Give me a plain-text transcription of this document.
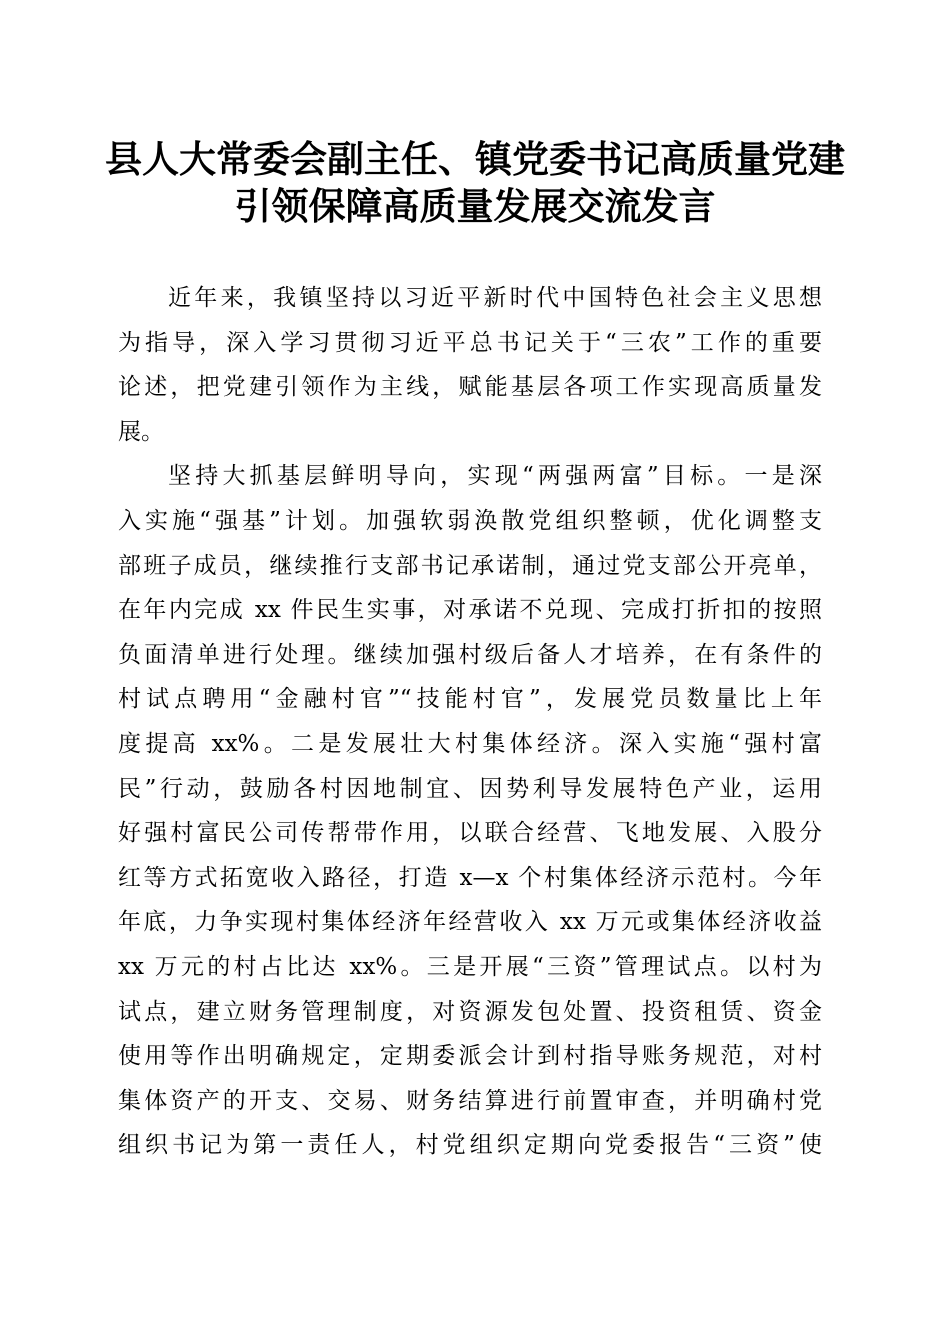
县人大常委会副主任、镇党委书记高质量党建
引领保障高质量发展交流发言
近年来，我镇坚持以习近平新时代中国特色社会主义思想
为指导，深入学习贯彻习近平总书记关于“三农”工作的重要
论述，把党建引领作为主线，赋能基层各项工作实现高质量发
展。
坚持大抓基层鲜明导向，实现“两强两富”目标。一是深
入实施“强基”计划。加强软弱涣散党组织整顿，优化调整支
部班子成员，继续推行支部书记承诺制，通过党支部公开亮单，
在年内完成 xx 件民生实事，对承诺不兑现、完成打折扣的按照
负面清单进行处理。继续加强村级后备人才培养，在有条件的
村试点聘用“金融村官”“技能村官”，发展党员数量比上年
度提高 xx%。二是发展壮大村集体经济。深入实施“强村富
民”行动，鼓励各村因地制宜、因势利导发展特色产业，运用
好强村富民公司传帮带作用，以联合经营、飞地发展、入股分
红等方式拓宽收入路径，打造 x—x 个村集体经济示范村。今年
年底，力争实现村集体经济年经营收入 xx 万元或集体经济收益
xx 万元的村占比达 xx%。三是开展“三资”管理试点。以村为
试点，建立财务管理制度，对资源发包处置、投资租赁、资金
使用等作出明确规定，定期委派会计到村指导账务规范，对村
集体资产的开支、交易、财务结算进行前置审查，并明确村党
组织书记为第一责任人，村党组织定期向党委报告“三资”使
